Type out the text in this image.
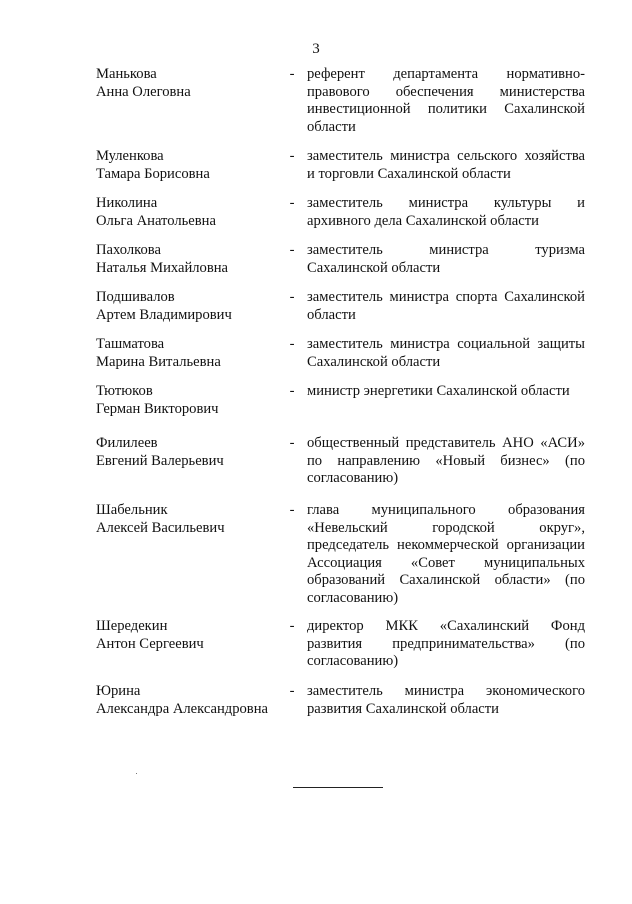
3
Манькова
Анна Олеговна
- референт департамента нормативно-
правового обеспечения министерства
инвестиционной политики Сахалинской
области
Муленкова
Тамара Борисовна
- заместитель министра сельского хозяйства
и торговли Сахалинской области
Николина
Ольга Анатольевна
- заместитель министра культуры и
архивного дела Сахалинской области
Пахолкова
Наталья Михайловна
- заместитель министра туризма
Сахалинской области
Подшивалов
Артем Владимирович
- заместитель министра спорта Сахалинской
области
Ташматова
Марина Витальевна
- заместитель министра социальной защиты
Сахалинской области
Тютюков
Герман Викторович
- министр энергетики Сахалинской области
Филилеев
Евгений Валерьевич
- общественный представитель АНО «АСИ»
по направлению «Новый бизнес» (по
согласованию)
Шабельник
Алексей Васильевич
- глава муниципального образования
«Невельский городской округ»,
председатель некоммерческой организации
Ассоциация «Совет муниципальных
образований Сахалинской области» (по
согласованию)
Шередекин
Антон Сергеевич
- директор МКК «Сахалинский Фонд
развития предпринимательства» (по
согласованию)
Юрина
Александра Александровна
- заместитель министра экономического
развития Сахалинской области
